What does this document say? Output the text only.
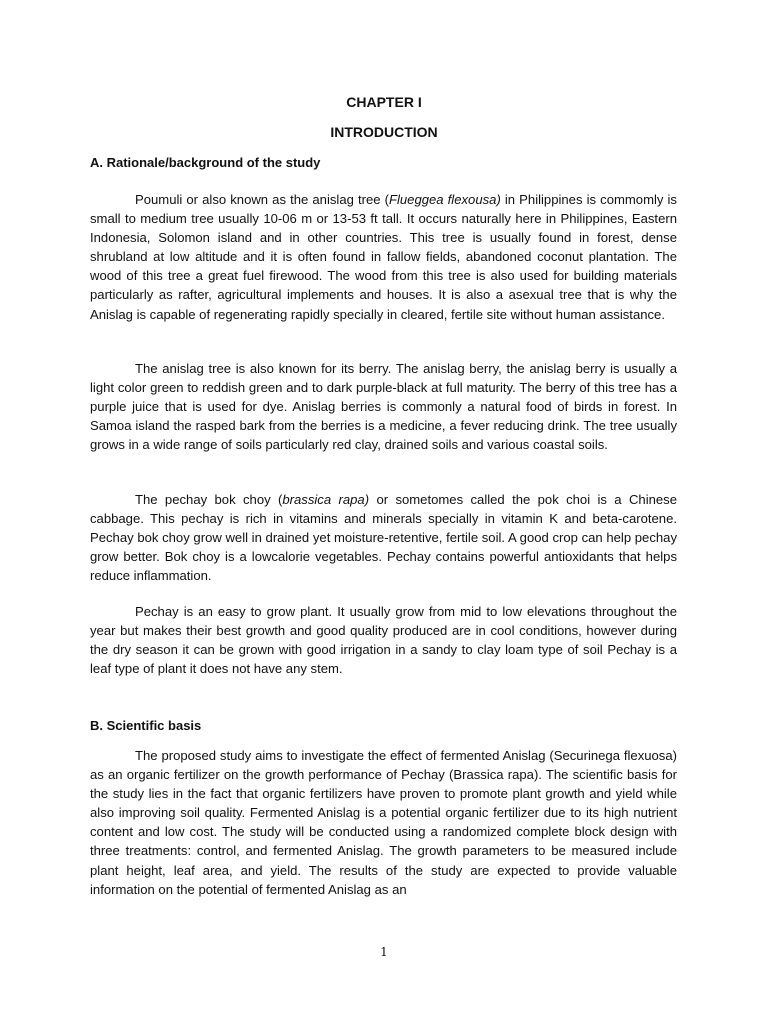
CHAPTER I
INTRODUCTION
A. Rationale/background of the study

Poumuli or also known as the anislag tree (Flueggea flexousa) in Philippines is commomly is small to medium tree usually 10-06 m or 13-53 ft tall. It occurs naturally here in Philippines, Eastern Indonesia, Solomon island and in other countries. This tree is usually found in forest, dense shrubland at low altitude and it is often found in fallow fields, abandoned coconut plantation. The wood of this tree a great fuel firewood. The wood from this tree is also used for building materials particularly as rafter, agricultural implements and houses. It is also a asexual tree that is why the Anislag is capable of regenerating rapidly specially in cleared, fertile site without human assistance.

The anislag tree is also known for its berry. The anislag berry, the anislag berry is usually a light color green to reddish green and to dark purple-black at full maturity. The berry of this tree has a purple juice that is used for dye. Anislag berries is commonly a natural food of birds in forest. In Samoa island the rasped bark from the berries is a medicine, a fever reducing drink. The tree usually grows in a wide range of soils particularly red clay, drained soils and various coastal soils.

The pechay bok choy (brassica rapa) or sometomes called the pok choi is a Chinese cabbage. This pechay is rich in vitamins and minerals specially in vitamin K and beta-carotene. Pechay bok choy grow well in drained yet moisture-retentive, fertile soil. A good crop can help pechay grow better. Bok choy is a lowcalorie vegetables. Pechay contains powerful antioxidants that helps reduce inflammation.

Pechay is an easy to grow plant. It usually grow from mid to low elevations throughout the year but makes their best growth and good quality produced are in cool conditions, however during the dry season it can be grown with good irrigation in a sandy to clay loam type of soil Pechay is a leaf type of plant it does not have any stem.

B. Scientific basis

The proposed study aims to investigate the effect of fermented Anislag (Securinega flexuosa) as an organic fertilizer on the growth performance of Pechay (Brassica rapa). The scientific basis for the study lies in the fact that organic fertilizers have proven to promote plant growth and yield while also improving soil quality. Fermented Anislag is a potential organic fertilizer due to its high nutrient content and low cost. The study will be conducted using a randomized complete block design with three treatments: control, and fermented Anislag. The growth parameters to be measured include plant height, leaf area, and yield. The results of the study are expected to provide valuable information on the potential of fermented Anislag as an

1
